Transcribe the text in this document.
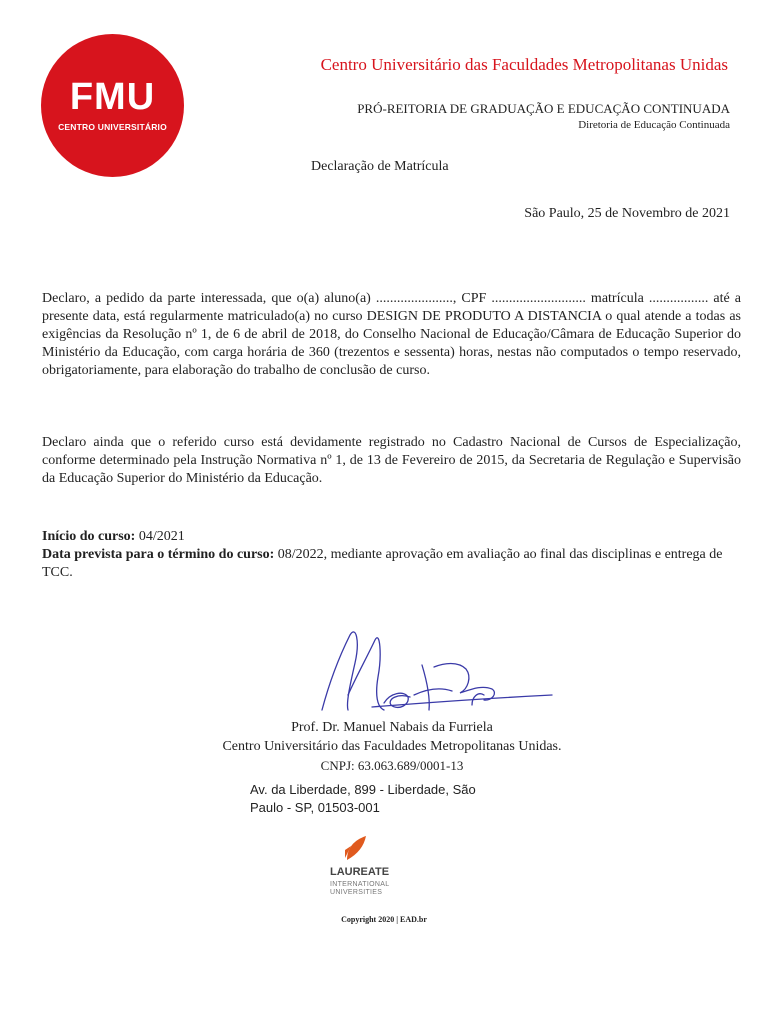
FMU
CENTRO UNIVERSITÁRIO
Centro Universitário das Faculdades Metropolitanas Unidas
PRÓ-REITORIA DE GRADUAÇÃO E EDUCAÇÃO CONTINUADA
Diretoria de Educação Continuada
Declaração de Matrícula
São Paulo, 25 de Novembro de 2021

Declaro, a pedido da parte interessada, que o(a) aluno(a) ......................, CPF ........................... matrícula ................. até a presente data, está regularmente matriculado(a) no curso DESIGN DE PRODUTO A DISTANCIA o qual atende a todas as exigências da Resolução nº 1, de 6 de abril de 2018, do Conselho Nacional de Educação/Câmara de Educação Superior do Ministério da Educação, com carga horária de 360 (trezentos e sessenta) horas, nestas não computados o tempo reservado, obrigatoriamente, para elaboração do trabalho de conclusão de curso.

Declaro ainda que o referido curso está devidamente registrado no Cadastro Nacional de Cursos de Especialização, conforme determinado pela Instrução Normativa nº 1, de 13 de Fevereiro de 2015, da Secretaria de Regulação e Supervisão da Educação Superior do Ministério da Educação.

Início do curso: 04/2021
Data prevista para o término do curso: 08/2022, mediante aprovação em avaliação ao final das disciplinas e entrega de TCC.
Prof. Dr. Manuel Nabais da Furriela
Centro Universitário das Faculdades Metropolitanas Unidas.
CNPJ: 63.063.689/0001-13
Av. da Liberdade, 899 - Liberdade, São Paulo - SP, 01503-001
LAUREATE
INTERNATIONAL
UNIVERSITIES
Copyright 2020 | EAD.br
